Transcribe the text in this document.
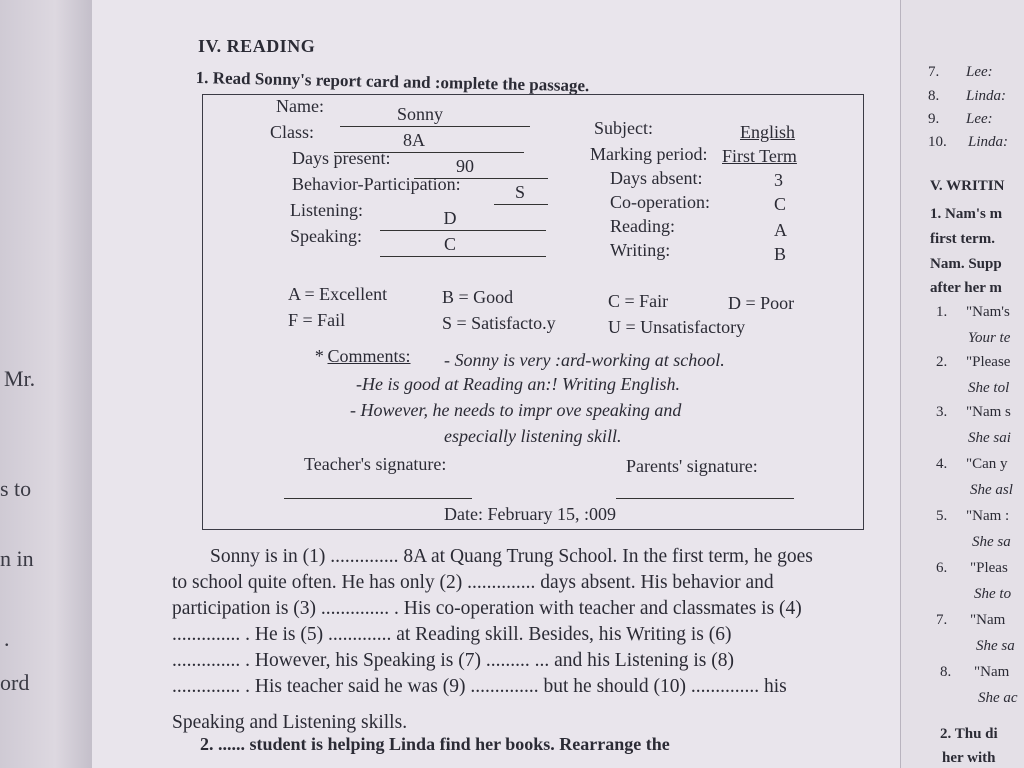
Mr.
s to
n in
.
ord
IV. READING
1. Read Sonny's report card and :omplete the passage.
Name:	Sonny
Class:	8A
Days present:	90
Behavior-Participation:	S
Listening:	D
Speaking:	C
Subject:	English
Marking period: First Term
Days absent:	3
Co-operation:	C
Reading:	A
Writing:	B
A = Excellent	B = Good	C = Fair	D = Poor
F = Fail	S = Satisfacto.y	U = Unsatisfactory
* Comments: - Sonny is very :ard-working at school.
-He is good at Reading an:! Writing English.
- However, he needs to impr ove speaking and
especially listening skill.
Teacher's signature:	Parents' signature:
Date: February 15, :009
Sonny is in (1) .............. 8A at Quang Trung School. In the first term, he goes
to school quite often. He has only (2) .............. days absent. His behavior and
participation is (3) .............. . His co-operation with teacher and classmates is (4)
.............. . He is (5) ............. at Reading skill. Besides, his Writing is (6)
.............. . However, his Speaking is (7) ......... ... and his Listening is (8)
.............. . His teacher said he was (9) .............. but he should (10) .............. his
Speaking and Listening skills.
2. ...... student is helping Linda find her books. Rearrange the
7. Lee:
8. Linda:
9. Lee:
10. Linda:
V. WRITIN
1. Nam's m
first term.
Nam. Supp
after her m
1. "Nam's
Your te
2. "Please
She tol
3. "Nam s
She sai
4. "Can y
She asl
5. "Nam :
She sa
6. "Pleas
She to
7. "Nam
She sa
8. "Nam
She ac
2. Thu di
her with
